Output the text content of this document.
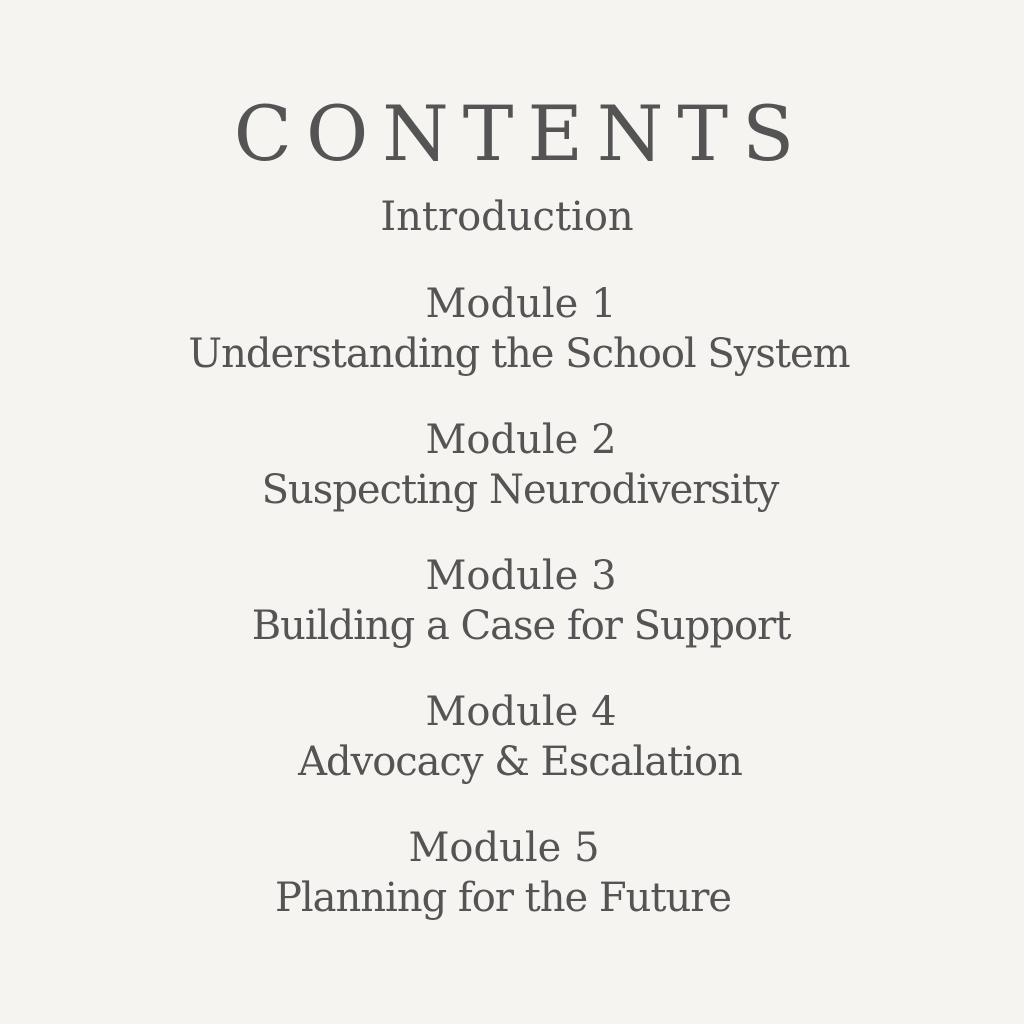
CONTENTS
Introduction
Module 1
Understanding the School System
Module 2
Suspecting Neurodiversity
Module 3
Building a Case for Support
Module 4
Advocacy & Escalation
Module 5
Planning for the Future
